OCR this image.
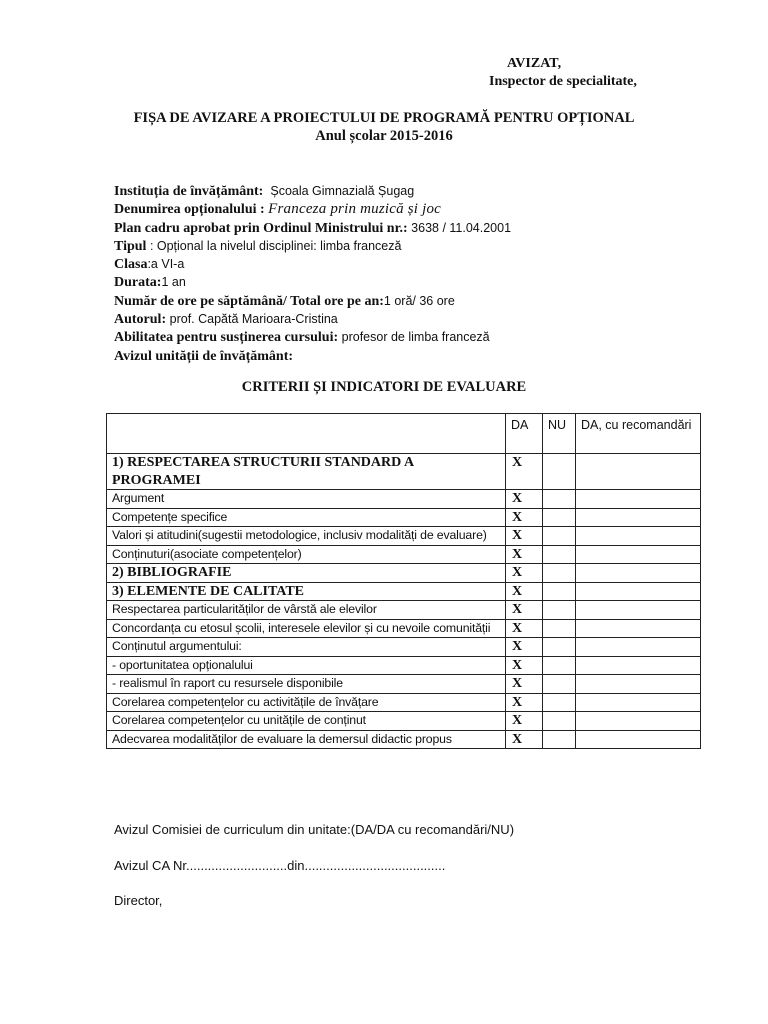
AVIZAT,
Inspector de specialitate,
FIȘA DE AVIZARE A PROIECTULUI DE PROGRAMĂ PENTRU OPȚIONAL
Anul școlar 2015-2016
Instituția de învățământ: Școala Gimnazială Șugag
Denumirea opționalului : Franceza prin muzică și joc
Plan cadru aprobat prin Ordinul Ministrului nr.: 3638 / 11.04.2001
Tipul : Opțional la nivelul disciplinei: limba franceză
Clasa:a VI-a
Durata:1 an
Număr de ore pe săptămână/ Total ore pe an:1 oră/ 36 ore
Autorul: prof. Capătă Marioara-Cristina
Abilitatea pentru susținerea cursului: profesor de limba franceză
Avizul unității de învățământ:
CRITERII ȘI INDICATORI DE EVALUARE
	DA	NU	DA, cu recomandări
1) RESPECTAREA STRUCTURII STANDARD A PROGRAMEI	X		
Argument	X		
Competențe specifice	X		
Valori și atitudini(sugestii metodologice, inclusiv modalități de evaluare)	X		
Conținuturi(asociate competențelor)	X		
2) BIBLIOGRAFIE	X		
3) ELEMENTE DE CALITATE	X		
Respectarea particularităților de vârstă ale elevilor	X		
Concordanța cu etosul școlii, interesele elevilor și cu nevoile comunității	X		
Conținutul argumentului:	X		
- oportunitatea opționalului	X		
- realismul în raport cu resursele disponibile	X		
Corelarea competențelor cu activitățile de învățare	X		
Corelarea competențelor cu unitățile de conținut	X		
Adecvarea modalităților de evaluare la demersul didactic propus	X		
Avizul Comisiei de curriculum din unitate:(DA/DA cu recomandări/NU)
Avizul CA Nr............................din.......................................
Director,
